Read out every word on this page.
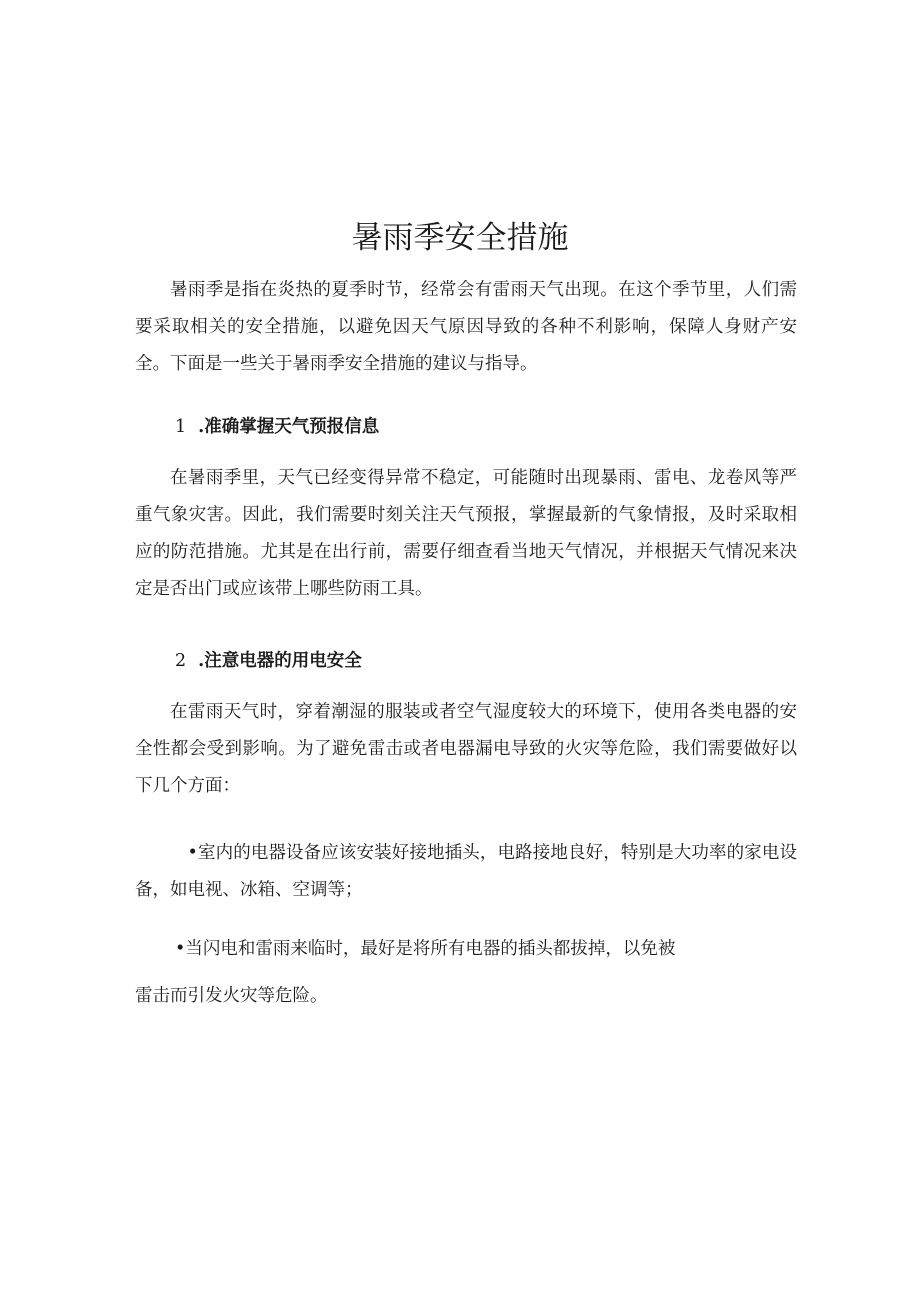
暑雨季安全措施

暑雨季是指在炎热的夏季时节，经常会有雷雨天气出现。在这个季节里，人们需要采取相关的安全措施，以避免因天气原因导致的各种不利影响，保障人身财产安全。下面是一些关于暑雨季安全措施的建议与指导。

1 .准确掌握天气预报信息

在暑雨季里，天气已经变得异常不稳定，可能随时出现暴雨、雷电、龙卷风等严重气象灾害。因此，我们需要时刻关注天气预报，掌握最新的气象情报，及时采取相应的防范措施。尤其是在出行前，需要仔细查看当地天气情况，并根据天气情况来决定是否出门或应该带上哪些防雨工具。

2 .注意电器的用电安全

在雷雨天气时，穿着潮湿的服装或者空气湿度较大的环境下，使用各类电器的安全性都会受到影响。为了避免雷击或者电器漏电导致的火灾等危险，我们需要做好以下几个方面：

•室内的电器设备应该安装好接地插头，电路接地良好，特别是大功率的家电设备，如电视、冰箱、空调等；

•当闪电和雷雨来临时，最好是将所有电器的插头都拔掉，以免被

雷击而引发火灾等危险。
